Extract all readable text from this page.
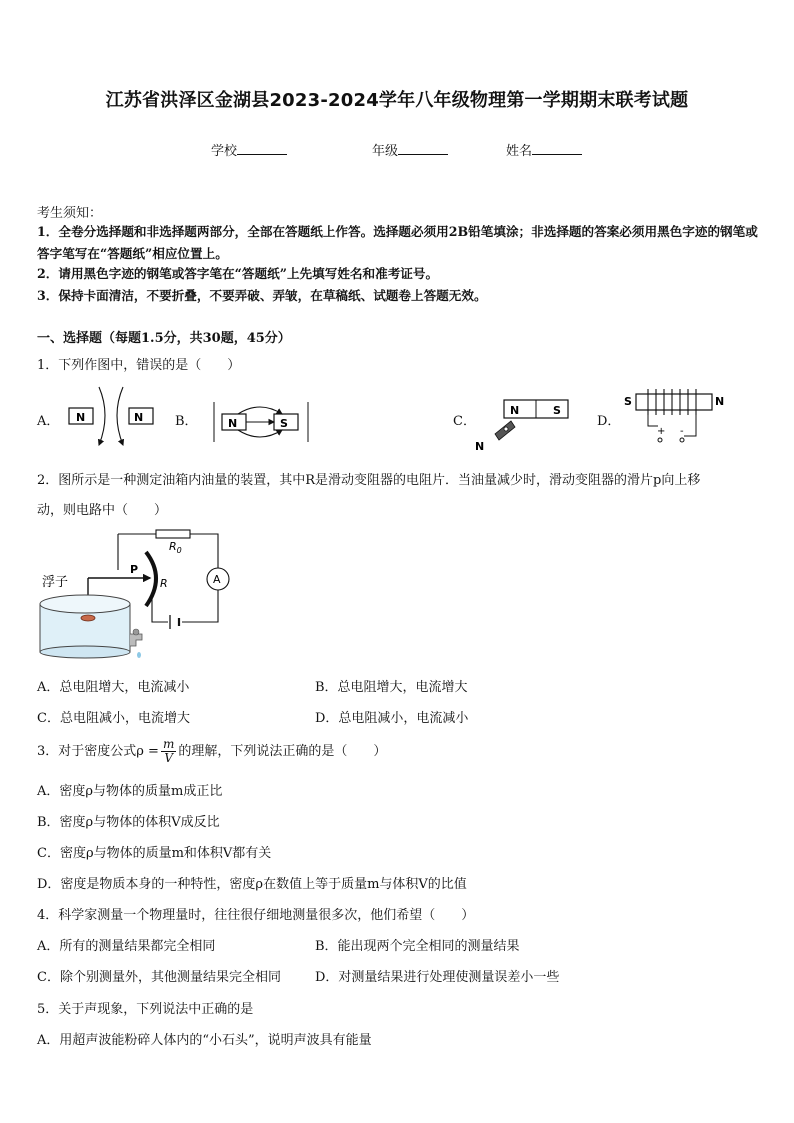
江苏省洪泽区金湖县2023-2024学年八年级物理第一学期期末联考试题
学校	年级	姓名
考生须知：
1．全卷分选择题和非选择题两部分，全部在答题纸上作答。选择题必须用2B铅笔填涂；非选择题的答案必须用黑色字迹的钢笔或答字笔写在“答题纸”相应位置上。
2．请用黑色字迹的钢笔或答字笔在“答题纸”上先填写姓名和准考证号。
3．保持卡面清洁，不要折叠，不要弄破、弄皱，在草稿纸、试题卷上答题无效。
一、选择题（每题1.5分，共30题，45分）
1．下列作图中，错误的是（　　）
A．	B．	C．	D．
N	N	N	S
N	S
N
S	N
+ -
2．图所示是一种测定油箱内油量的装置，其中R是滑动变阻器的电阻片．当油量减少时，滑动变阻器的滑片p向上移
动，则电路中（　　）
$R_0$
A
R
P
浮子
A．总电阻增大，电流减小	B．总电阻增大，电流增大
C．总电阻减小，电流增大	D．总电阻减小，电流减小
3．对于密度公式$\rho = \frac{m}{V}$ 的理解，下列说法正确的是（　　）
A．密度ρ与物体的质量m成正比
B．密度ρ与物体的体积V成反比
C．密度ρ与物体的质量m和体积V都有关
D．密度是物质本身的一种特性，密度ρ在数值上等于质量m与体积V的比值
4．科学家测量一个物理量时，往往很仔细地测量很多次，他们希望（　　）
A．所有的测量结果都完全相同	B．能出现两个完全相同的测量结果
C．除个别测量外，其他测量结果完全相同	D．对测量结果进行处理使测量误差小一些
5．关于声现象，下列说法中正确的是
A．用超声波能粉碎人体内的“小石头”，说明声波具有能量
